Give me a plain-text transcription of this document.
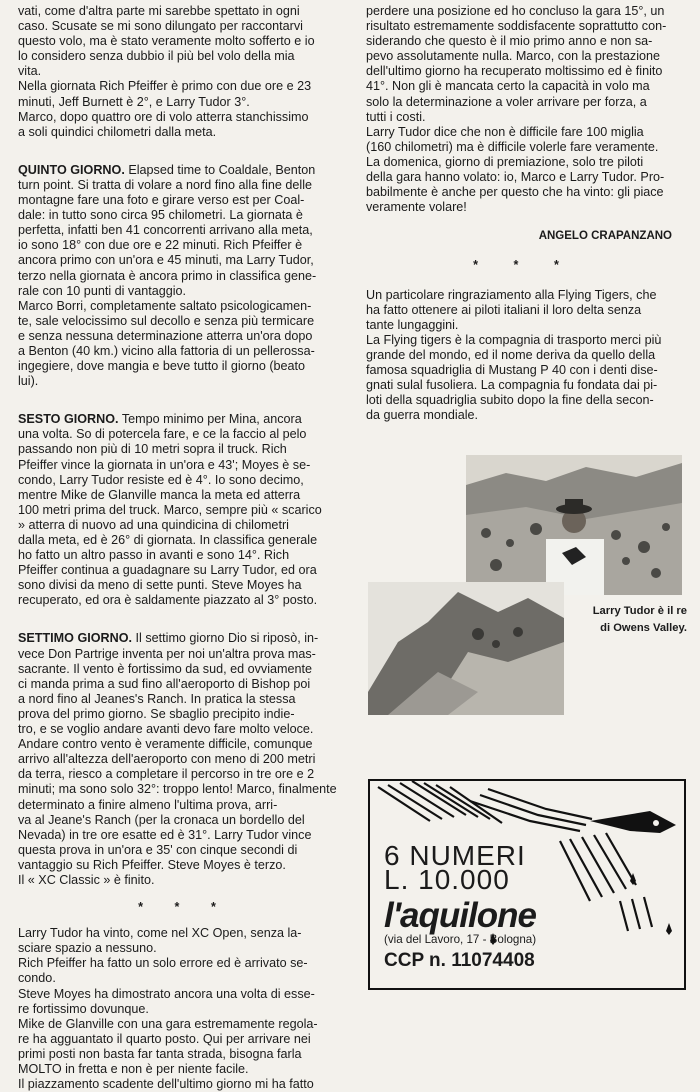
vati, come d'altra parte mi sarebbe spettato in ogni
caso. Scusate se mi sono dilungato per raccontarvi
questo volo, ma è stato veramente molto sofferto e io
lo considero senza dubbio il più bel volo della mia
vita.
Nella giornata Rich Pfeiffer è primo con due ore e 23
minuti, Jeff Burnett è 2°, e Larry Tudor 3°.
Marco, dopo quattro ore di volo atterra stanchissimo
a soli quindici chilometri dalla meta.

QUINTO GIORNO. Elapsed time to Coaldale, Benton
turn point. Si tratta di volare a nord fino alla fine delle
montagne fare una foto e girare verso est per Coal-
dale: in tutto sono circa 95 chilometri. La giornata è
perfetta, infatti ben 41 concorrenti arrivano alla meta,
io sono 18° con due ore e 22 minuti. Rich Pfeiffer è
ancora primo con un'ora e 45 minuti, ma Larry Tudor,
terzo nella giornata è ancora primo in classifica gene-
rale con 10 punti di vantaggio.
Marco Borri, completamente saltato psicologicamen-
te, sale velocissimo sul decollo e senza più termicare
e senza nessuna determinazione atterra un'ora dopo
a Benton (40 km.) vicino alla fattoria di un pellerossa-
ingegiere, dove mangia e beve tutto il giorno (beato
lui).

SESTO GIORNO. Tempo minimo per Mina, ancora
una volta. So di potercela fare, e ce la faccio al pelo
passando non più di 10 metri sopra il truck. Rich
Pfeiffer vince la giornata in un'ora e 43'; Moyes è se-
condo, Larry Tudor resiste ed è 4°. Io sono decimo,
mentre Mike de Glanville manca la meta ed atterra
100 metri prima del truck. Marco, sempre più « scarico
» atterra di nuovo ad una quindicina di chilometri
dalla meta, ed è 26° di giornata. In classifica generale
ho fatto un altro passo in avanti e sono 14°. Rich
Pfeiffer continua a guadagnare su Larry Tudor, ed ora
sono divisi da meno di sette punti. Steve Moyes ha
recuperato, ed ora è saldamente piazzato al 3° posto.

SETTIMO GIORNO. Il settimo giorno Dio si riposò, in-
vece Don Partrige inventa per noi un'altra prova mas-
sacrante. Il vento è fortissimo da sud, ed ovviamente
ci manda prima a sud fino all'aeroporto di Bishop poi
a nord fino al Jeanes's Ranch. In pratica la stessa
prova del primo giorno. Se sbaglio precipito indie-
tro, e se voglio andare avanti devo fare molto veloce.
Andare contro vento è veramente difficile, comunque
arrivo all'altezza dell'aeroporto con meno di 200 metri
da terra, riesco a completare il percorso in tre ore e 2
minuti; ma sono solo 32°: troppo lento! Marco, finalmente
determinato a finire almeno l'ultima prova, arri-
va al Jeane's Ranch (per la cronaca un bordello del
Nevada) in tre ore esatte ed è 31°. Larry Tudor vince
questa prova in un'ora e 35' con cinque secondi di
vantaggio su Rich Pfeiffer. Steve Moyes è terzo.
Il « XC Classic » è finito.

* * *

Larry Tudor ha vinto, come nel XC Open, senza la-
sciare spazio a nessuno.
Rich Pfeiffer ha fatto un solo errore ed è arrivato se-
condo.
Steve Moyes ha dimostrato ancora una volta di esse-
re fortissimo dovunque.
Mike de Glanville con una gara estremamente regola-
re ha agguantato il quarto posto. Qui per arrivare nei
primi posti non basta far tanta strada, bisogna farla
MOLTO in fretta e non è per niente facile.
Il piazzamento scadente dell'ultimo giorno mi ha fatto

perdere una posizione ed ho concluso la gara 15°, un
risultato estremamente soddisfacente soprattutto con-
siderando che questo è il mio primo anno e non sa-
pevo assolutamente nulla. Marco, con la prestazione
dell'ultimo giorno ha recuperato moltissimo ed è finito
41°. Non gli è mancata certo la capacità in volo ma
solo la determinazione a voler arrivare per forza, a
tutti i costi.
Larry Tudor dice che non è difficile fare 100 miglia
(160 chilometri) ma è difficile volerle fare veramente.
La domenica, giorno di premiazione, solo tre piloti
della gara hanno volato: io, Marco e Larry Tudor. Pro-
babilmente è anche per questo che ha vinto: gli piace
veramente volare!

ANGELO CRAPANZANO

* * *

Un particolare ringraziamento alla Flying Tigers, che
ha fatto ottenere ai piloti italiani il loro delta senza
tante lungaggini.
La Flying tigers è la compagnia di trasporto merci più
grande del mondo, ed il nome deriva da quello della
famosa squadriglia di Mustang P 40 con i denti dise-
gnati sulal fusoliera. La compagnia fu fondata dai pi-
loti della squadriglia subito dopo la fine della secon-
da guerra mondiale.

Larry Tudor è il re
di Owens Valley.
6 NUMERI
L. 10.000
l'aquilone
(via del Lavoro, 17 - Bologna)
CCP n. 11074408
